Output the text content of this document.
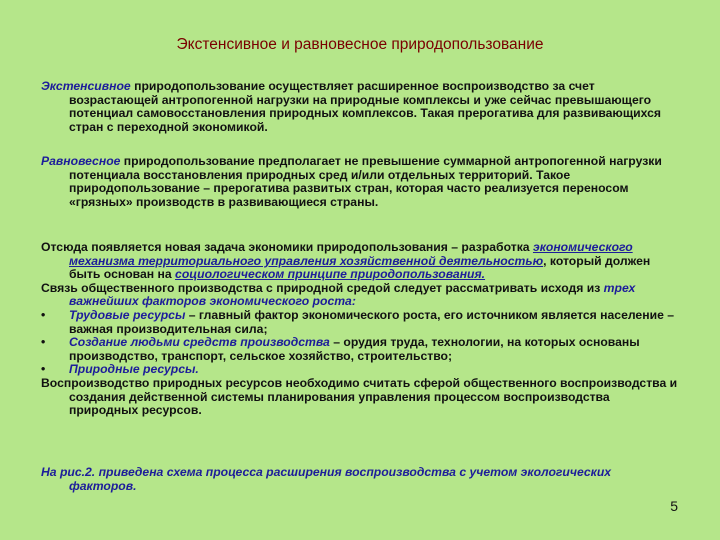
Экстенсивное и равновесное природопользование

Экстенсивное природопользование осуществляет расширенное воспроизводство за счет возрастающей антропогенной нагрузки на природные комплексы и уже сейчас превышающего потенциал самовосстановления природных комплексов. Такая прерогатива для развивающихся стран с переходной экономикой.

Равновесное природопользование предполагает не превышение суммарной антропогенной нагрузки потенциала восстановления природных сред и/или отдельных территорий. Такое природопользование – прерогатива развитых стран, которая часто реализуется переносом «грязных» производств в развивающиеся страны.

Отсюда появляется новая задача экономики природопользования – разработка экономического механизма территориального управления хозяйственной деятельностью, который должен быть основан на социологическом принципе природопользования.
Связь общественного производства с природной средой следует рассматривать исходя из трех важнейших факторов экономического роста:

• Трудовые ресурсы – главный фактор экономического роста, его источником является население – важная производительная сила;
• Создание людьми средств производства – орудия труда, технологии, на которых основаны производство, транспорт, сельское хозяйство, строительство;
• Природные ресурсы.

Воспроизводство природных ресурсов необходимо считать сферой общественного воспроизводства и создания действенной системы планирования управления процессом воспроизводства природных ресурсов.

На рис.2. приведена схема процесса расширения воспроизводства с учетом экологических факторов.

5
